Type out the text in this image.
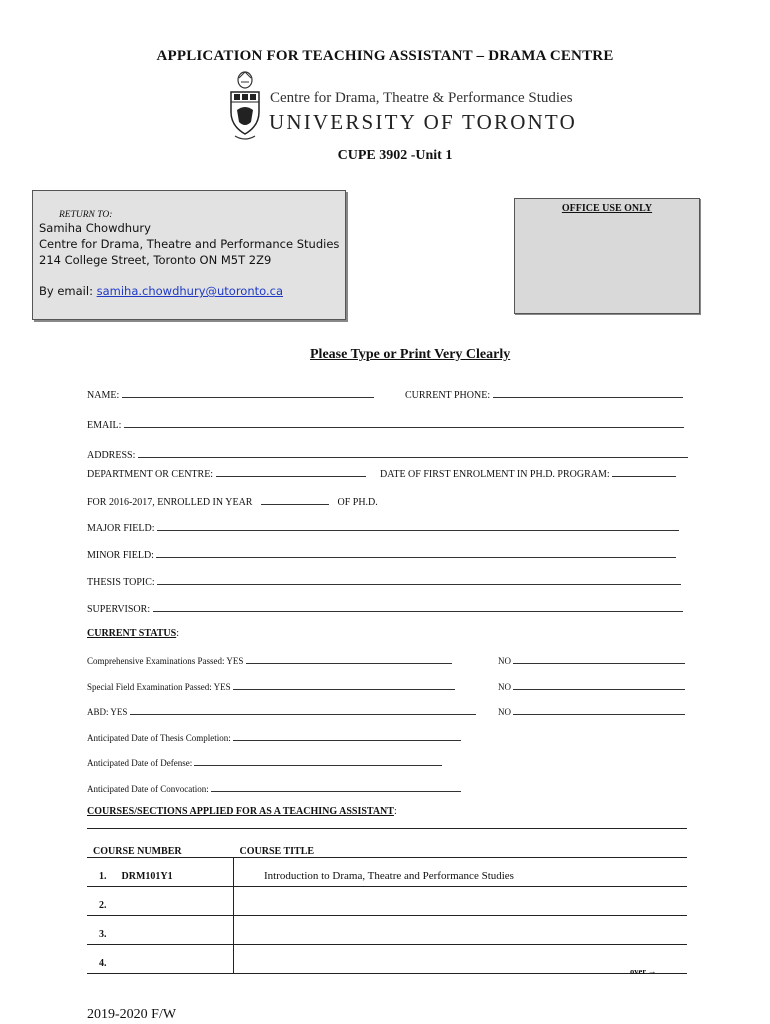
APPLICATION FOR TEACHING ASSISTANT – DRAMA CENTRE
Centre for Drama, Theatre & Performance Studies
UNIVERSITY OF TORONTO
CUPE 3902 -Unit 1
RETURN TO:
Samiha Chowdhury
Centre for Drama, Theatre and Performance Studies
214 College Street, Toronto ON M5T 2Z9
By email: samiha.chowdhury@utoronto.ca
OFFICE USE ONLY
Please Type or Print Very Clearly
NAME:	CURRENT PHONE:
EMAIL:
ADDRESS:
DEPARTMENT OR CENTRE:	DATE OF FIRST ENROLMENT IN PH.D. PROGRAM:
FOR 2016-2017, ENROLLED IN YEAR	OF PH.D.
MAJOR FIELD:
MINOR FIELD:
THESIS TOPIC:
SUPERVISOR:
CURRENT STATUS:
Comprehensive Examinations Passed: YES	NO
Special Field Examination Passed: YES	NO
ABD: YES	NO
Anticipated Date of Thesis Completion:
Anticipated Date of Defense:
Anticipated Date of Convocation:
COURSES/SECTIONS APPLIED FOR AS A TEACHING ASSISTANT:
COURSE NUMBER	COURSE TITLE
1. DRM101Y1	Introduction to Drama, Theatre and Performance Studies
2.	
3.	
4.	
over →
2019-2020 F/W
